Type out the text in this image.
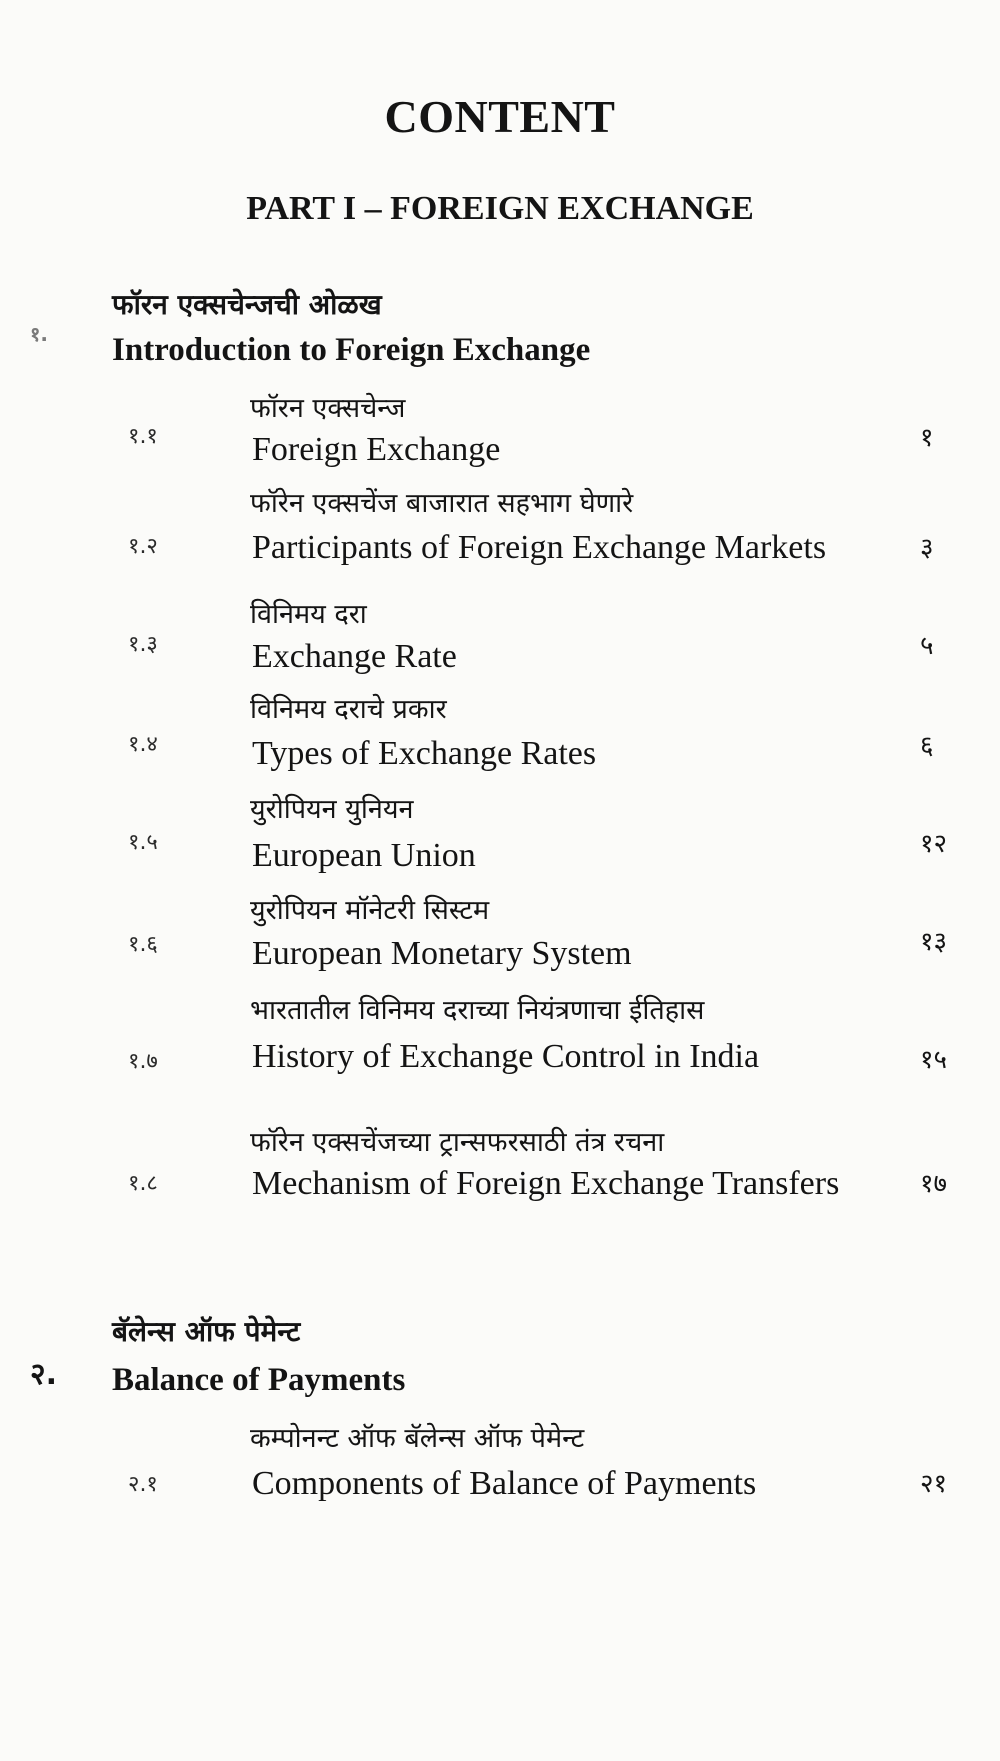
CONTENT
PART I – FOREIGN EXCHANGE
१.
फॉरन एक्सचेन्जची ओळख
Introduction to Foreign Exchange
१.१
फॉरन एक्सचेन्ज
Foreign Exchange	१
१.२
फॉरेन एक्सचेंज बाजारात सहभाग घेणारे
Participants of Foreign Exchange Markets	३
१.३
विनिमय दरा
Exchange Rate	५
१.४
विनिमय दराचे प्रकार
Types of Exchange Rates	६
१.५
युरोपियन युनियन
European Union	१२
१.६
युरोपियन मॉनेटरी सिस्टम
European Monetary System	१३
१.७
भारतातील विनिमय दराच्या नियंत्रणाचा ईतिहास
History of Exchange Control in India	१५
१.८
फॉरेन एक्सचेंजच्या ट्रान्सफरसाठी तंत्र रचना
Mechanism of Foreign Exchange Transfers	१७
२.
बॅलेन्स ऑफ पेमेन्ट
Balance of Payments
२.१
कम्पोनन्ट ऑफ बॅलेन्स ऑफ पेमेन्ट
Components of Balance of Payments	२१
